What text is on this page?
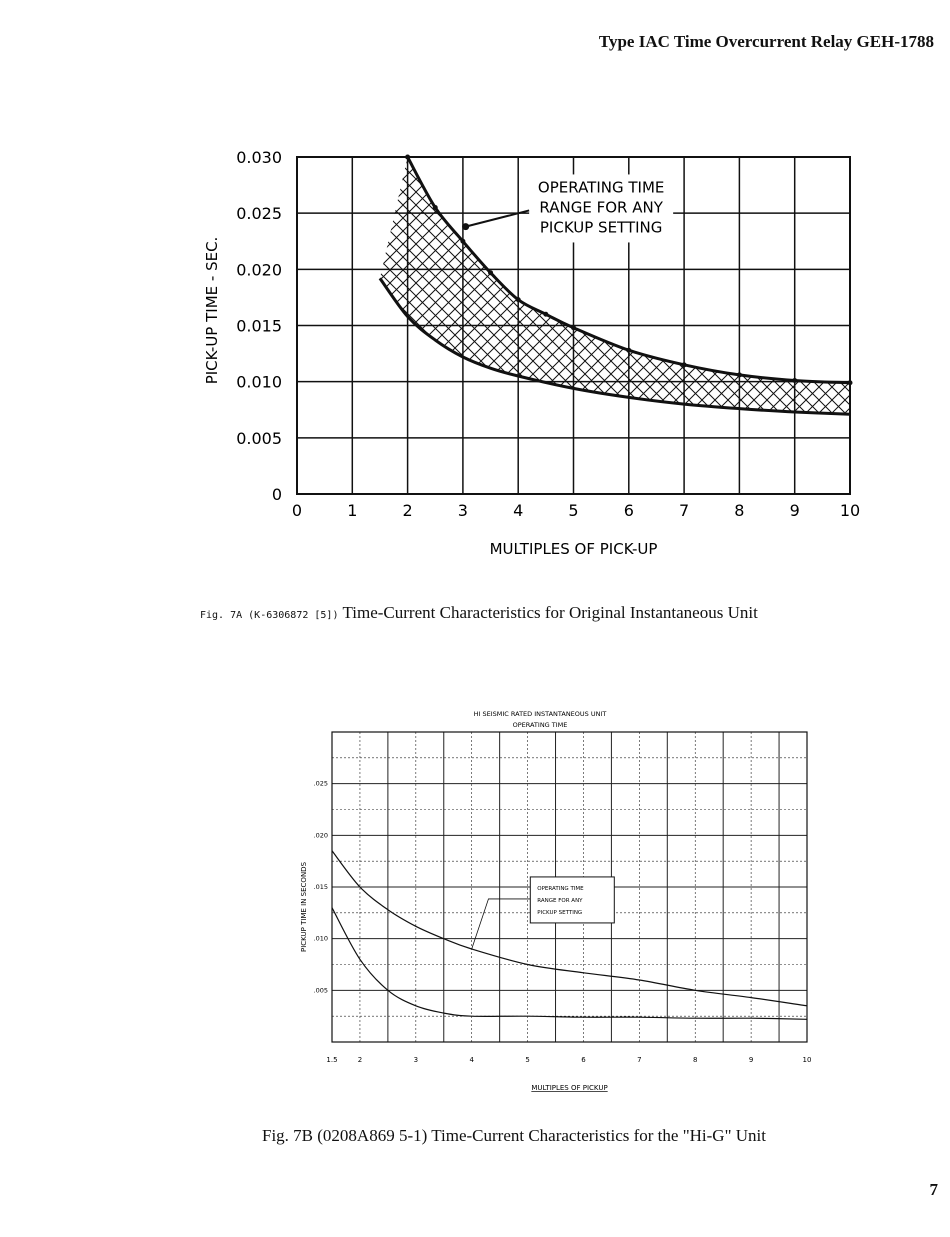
Type IAC Time Overcurrent Relay GEH-1788
0	1	2	3	4	5	6	7	8	9	10
0
0.005
0.010
0.015
0.020
0.025
0.030
OPERATING TIME
RANGE FOR ANY
PICKUP SETTING
MULTIPLES OF PICK-UP
PICK-UP TIME - SEC.
Fig. 7A (K-6306872 [5]) Time-Current Characteristics for Original Instantaneous Unit
HI SEISMIC RATED INSTANTANEOUS UNIT
OPERATING TIME
1.5	2	3	4	5	6	7	8	9	10
.005
.010
.015
.020
.025
OPERATING TIME
RANGE FOR ANY
PICKUP SETTING
MULTIPLES OF PICKUP
PICKUP TIME IN SECONDS
Fig. 7B (0208A869 5-1) Time-Current Characteristics for the "Hi-G" Unit
7
